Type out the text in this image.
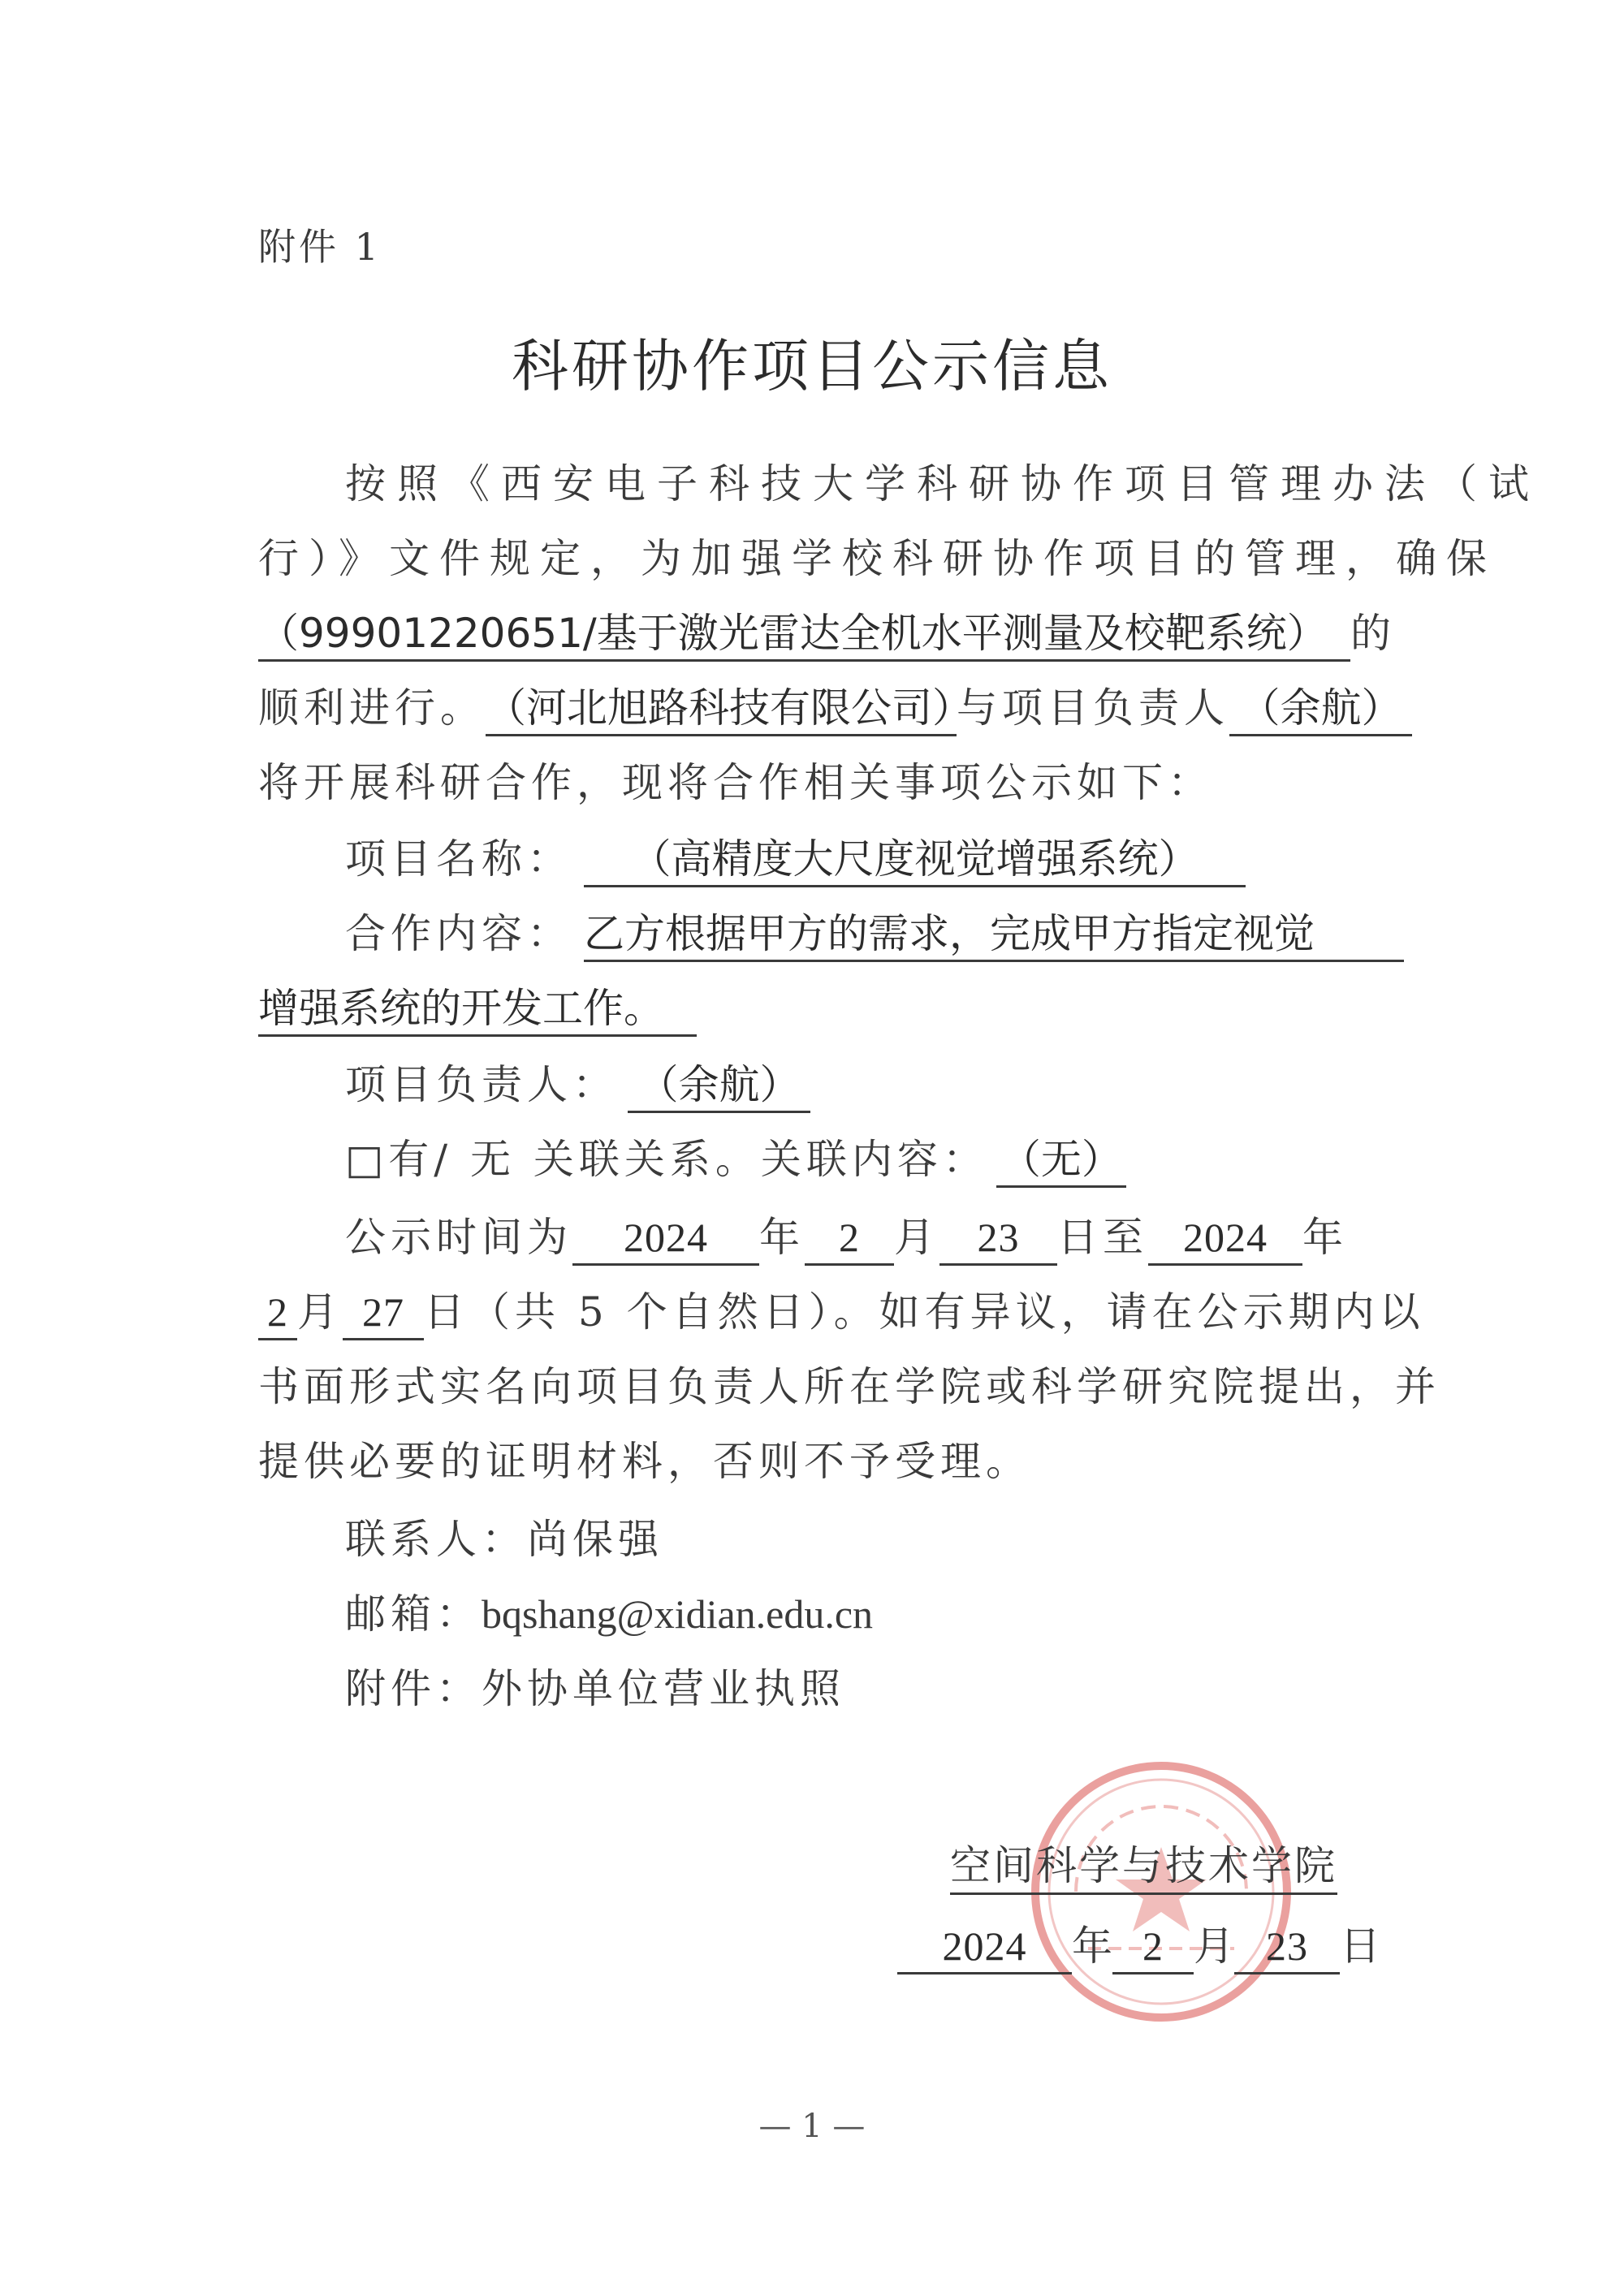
附件 1
科研协作项目公示信息
按照《西安电子科技大学科研协作项目管理办法（试
行）》文件规定，为加强学校科研协作项目的管理，确保
（99901220651/基于激光雷达全机水平测量及校靶系统） 的
顺利进行。（河北旭路科技有限公司）与项目负责人 （余航）
将开展科研合作，现将合作相关事项公示如下：
项目名称： （高精度大尺度视觉增强系统）
合作内容： 乙方根据甲方的需求，完成甲方指定视觉
增强系统的开发工作。
项目负责人： （余航）
□有/ 无 关联关系。关联内容： （无）
公示时间为 2024 年 2 月 23 日至 2024 年
2 月 27 日（共 5 个自然日）。如有异议，请在公示期内以
书面形式实名向项目负责人所在学院或科学研究院提出，并
提供必要的证明材料，否则不予受理。
联系人：尚保强
邮箱：bqshang@xidian.edu.cn
附件：外协单位营业执照
空间科学与技术学院
2024 年 2 月 23 日
— 1 —
